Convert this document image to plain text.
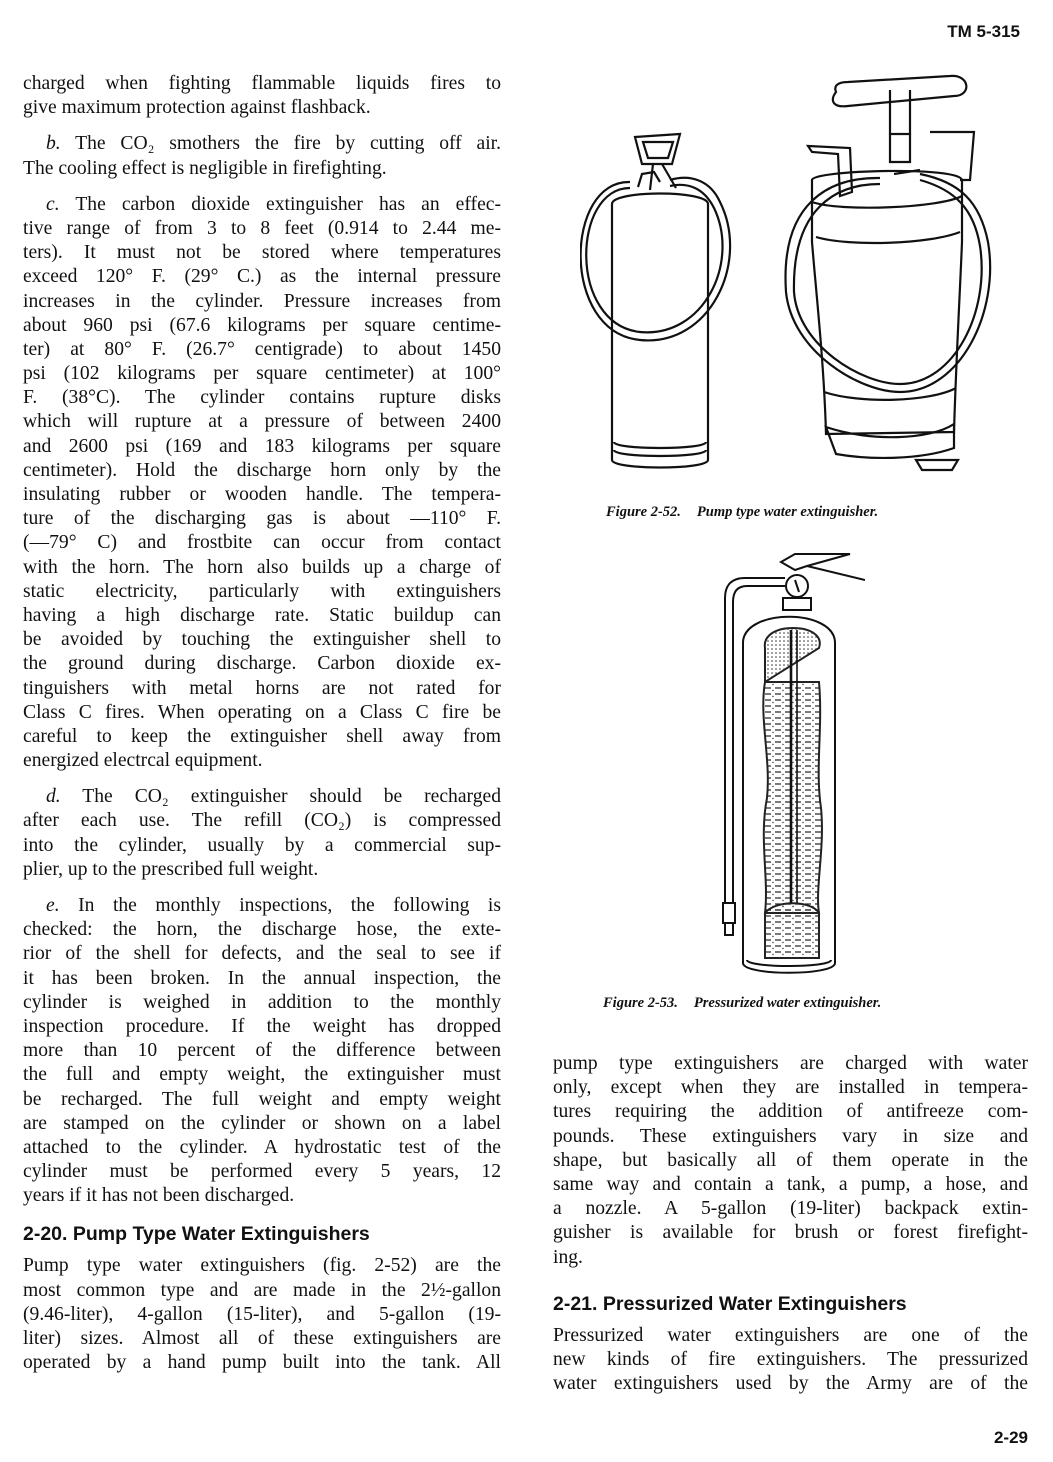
TM 5-315
charged when fighting flammable liquids fires to
give maximum protection against flashback.
b. The CO₂ smothers the fire by cutting off air.
The cooling effect is negligible in firefighting.
c. The carbon dioxide extinguisher has an effec-
tive range of from 3 to 8 feet (0.914 to 2.44 me-
ters). It must not be stored where temperatures
exceed 120° F. (29° C.) as the internal pressure
increases in the cylinder. Pressure increases from
about 960 psi (67.6 kilograms per square centime-
ter) at 80° F. (26.7° centigrade) to about 1450
psi (102 kilograms per square centimeter) at 100°
F. (38°C). The cylinder contains rupture disks
which will rupture at a pressure of between 2400
and 2600 psi (169 and 183 kilograms per square
centimeter). Hold the discharge horn only by the
insulating rubber or wooden handle. The tempera-
ture of the discharging gas is about —110° F.
(—79° C) and frostbite can occur from contact
with the horn. The horn also builds up a charge of
static electricity, particularly with extinguishers
having a high discharge rate. Static buildup can
be avoided by touching the extinguisher shell to
the ground during discharge. Carbon dioxide ex-
tinguishers with metal horns are not rated for
Class C fires. When operating on a Class C fire be
careful to keep the extinguisher shell away from
energized electrcal equipment.
d. The CO₂ extinguisher should be recharged
after each use. The refill (CO₂) is compressed
into the cylinder, usually by a commercial sup-
plier, up to the prescribed full weight.
e. In the monthly inspections, the following is
checked: the horn, the discharge hose, the exte-
rior of the shell for defects, and the seal to see if
it has been broken. In the annual inspection, the
cylinder is weighed in addition to the monthly
inspection procedure. If the weight has dropped
more than 10 percent of the difference between
the full and empty weight, the extinguisher must
be recharged. The full weight and empty weight
are stamped on the cylinder or shown on a label
attached to the cylinder. A hydrostatic test of the
cylinder must be performed every 5 years, 12
years if it has not been discharged.
2-20. Pump Type Water Extinguishers
Pump type water extinguishers (fig. 2-52) are the
most common type and are made in the 2½-gallon
(9.46-liter), 4-gallon (15-liter), and 5-gallon (19-
liter) sizes. Almost all of these extinguishers are
operated by a hand pump built into the tank. All
Figure 2-52. Pump type water extinguisher.
Figure 2-53. Pressurized water extinguisher.
pump type extinguishers are charged with water
only, except when they are installed in tempera-
tures requiring the addition of antifreeze com-
pounds. These extinguishers vary in size and
shape, but basically all of them operate in the
same way and contain a tank, a pump, a hose, and
a nozzle. A 5-gallon (19-liter) backpack extin-
guisher is available for brush or forest firefight-
ing.
2-21. Pressurized Water Extinguishers
Pressurized water extinguishers are one of the
new kinds of fire extinguishers. The pressurized
water extinguishers used by the Army are of the
2-29
